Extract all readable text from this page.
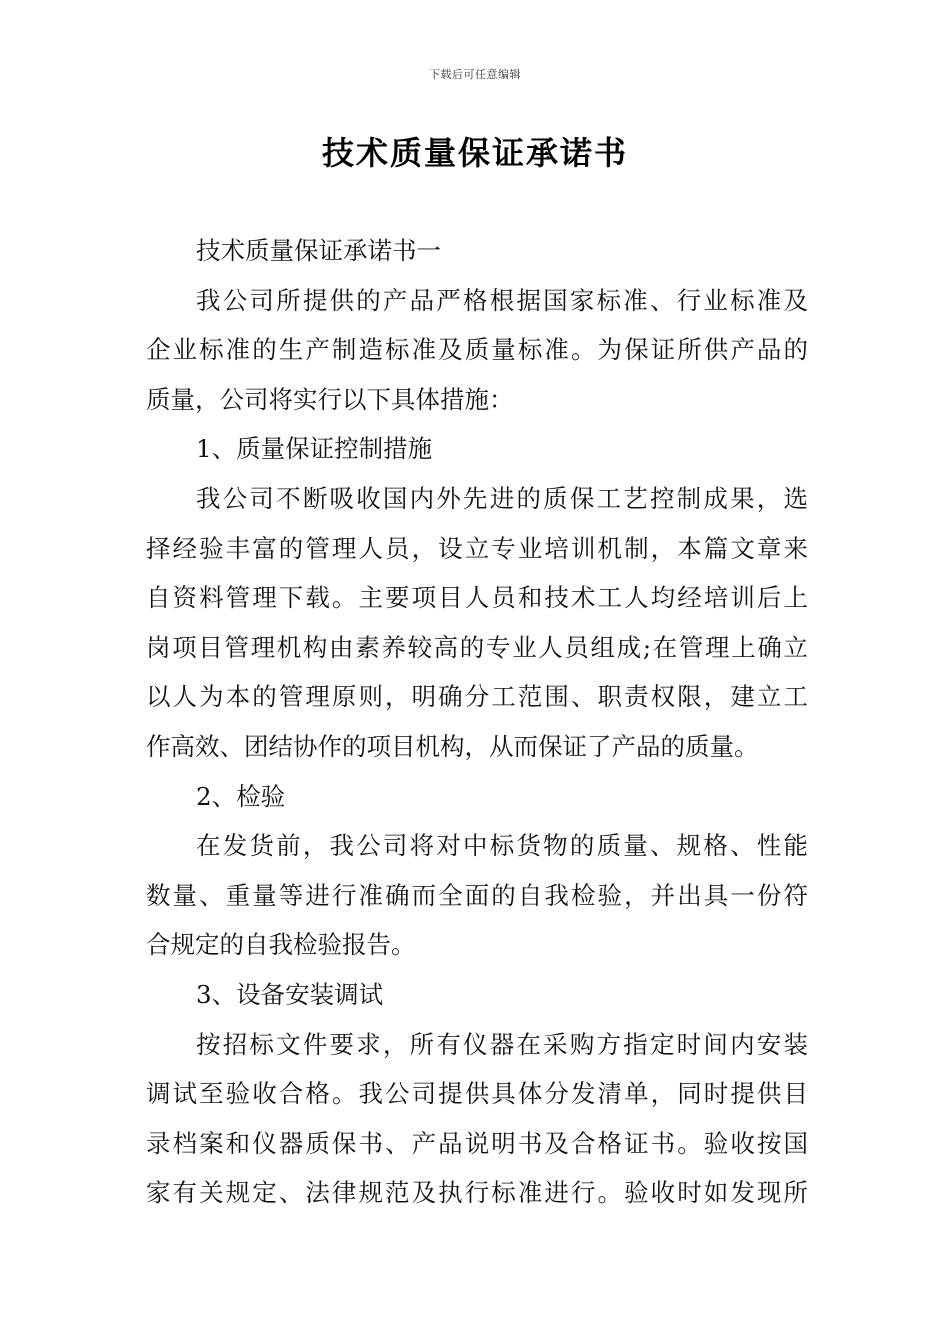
下载后可任意编辑
技术质量保证承诺书
技术质量保证承诺书一
我公司所提供的产品严格根据国家标准、行业标准及
企业标准的生产制造标准及质量标准。为保证所供产品的
质量，公司将实行以下具体措施：
1、质量保证控制措施
我公司不断吸收国内外先进的质保工艺控制成果，选
择经验丰富的管理人员，设立专业培训机制，本篇文章来
自资料管理下载。主要项目人员和技术工人均经培训后上
岗项目管理机构由素养较高的专业人员组成;在管理上确立
以人为本的管理原则，明确分工范围、职责权限，建立工
作高效、团结协作的项目机构，从而保证了产品的质量。
2、检验
在发货前，我公司将对中标货物的质量、规格、性能
数量、重量等进行准确而全面的自我检验，并出具一份符
合规定的自我检验报告。
3、设备安装调试
按招标文件要求，所有仪器在采购方指定时间内安装
调试至验收合格。我公司提供具体分发清单，同时提供目
录档案和仪器质保书、产品说明书及合格证书。验收按国
家有关规定、法律规范及执行标准进行。验收时如发现所
